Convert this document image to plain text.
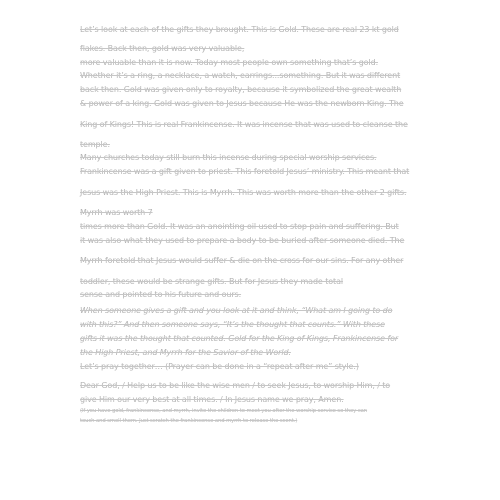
Let’s look at each of the gifts they brought. This is Gold. These are real 23 kt gold

flakes. Back then, gold was very valuable,

more valuable than it is now. Today most people own something that’s gold.

Whether it’s a ring, a necklace, a watch, earrings...something. But it was different

back then. Gold was given only to royalty, because it symbolized the great wealth

& power of a king. Gold was given to Jesus because He was the newborn King. The

King of Kings! This is real Frankincense. It was incense that was used to cleanse the

temple.

Many churches today still burn this incense during special worship services.

Frankincense was a gift given to priest. This foretold Jesus’ ministry. This meant that

Jesus was the High Priest. This is Myrrh. This was worth more than the other 2 gifts.

Myrrh was worth 7

times more than Gold. It was an anointing oil used to stop pain and suffering. But

it was also what they used to prepare a body to be buried after someone died. The

Myrrh foretold that Jesus would suffer & die on the cross for our sins. For any other

toddler, these would be strange gifts. But for Jesus they made total

sense and pointed to his future and ours.

When someone gives a gift and you look at it and think, “What am I going to do

with this?” And then someone says, “It’s the thought that counts.” With these

gifts it was the thought that counted. Gold for the King of Kings, Frankincense for

the High Priest, and Myrrh for the Savior of the World.

Let’s pray together… (Prayer can be done in a “repeat after me” style.)

Dear God, / Help us to be like the wise men / to seek Jesus, to worship Him, / to

give Him our very best at all times. / In Jesus name we pray, Amen.

(If you have gold, frankincense, and myrrh, invite the children to meet you after the worship service so they can

touch and smell them. Just scratch the frankincense and myrrh to release the scent.)
